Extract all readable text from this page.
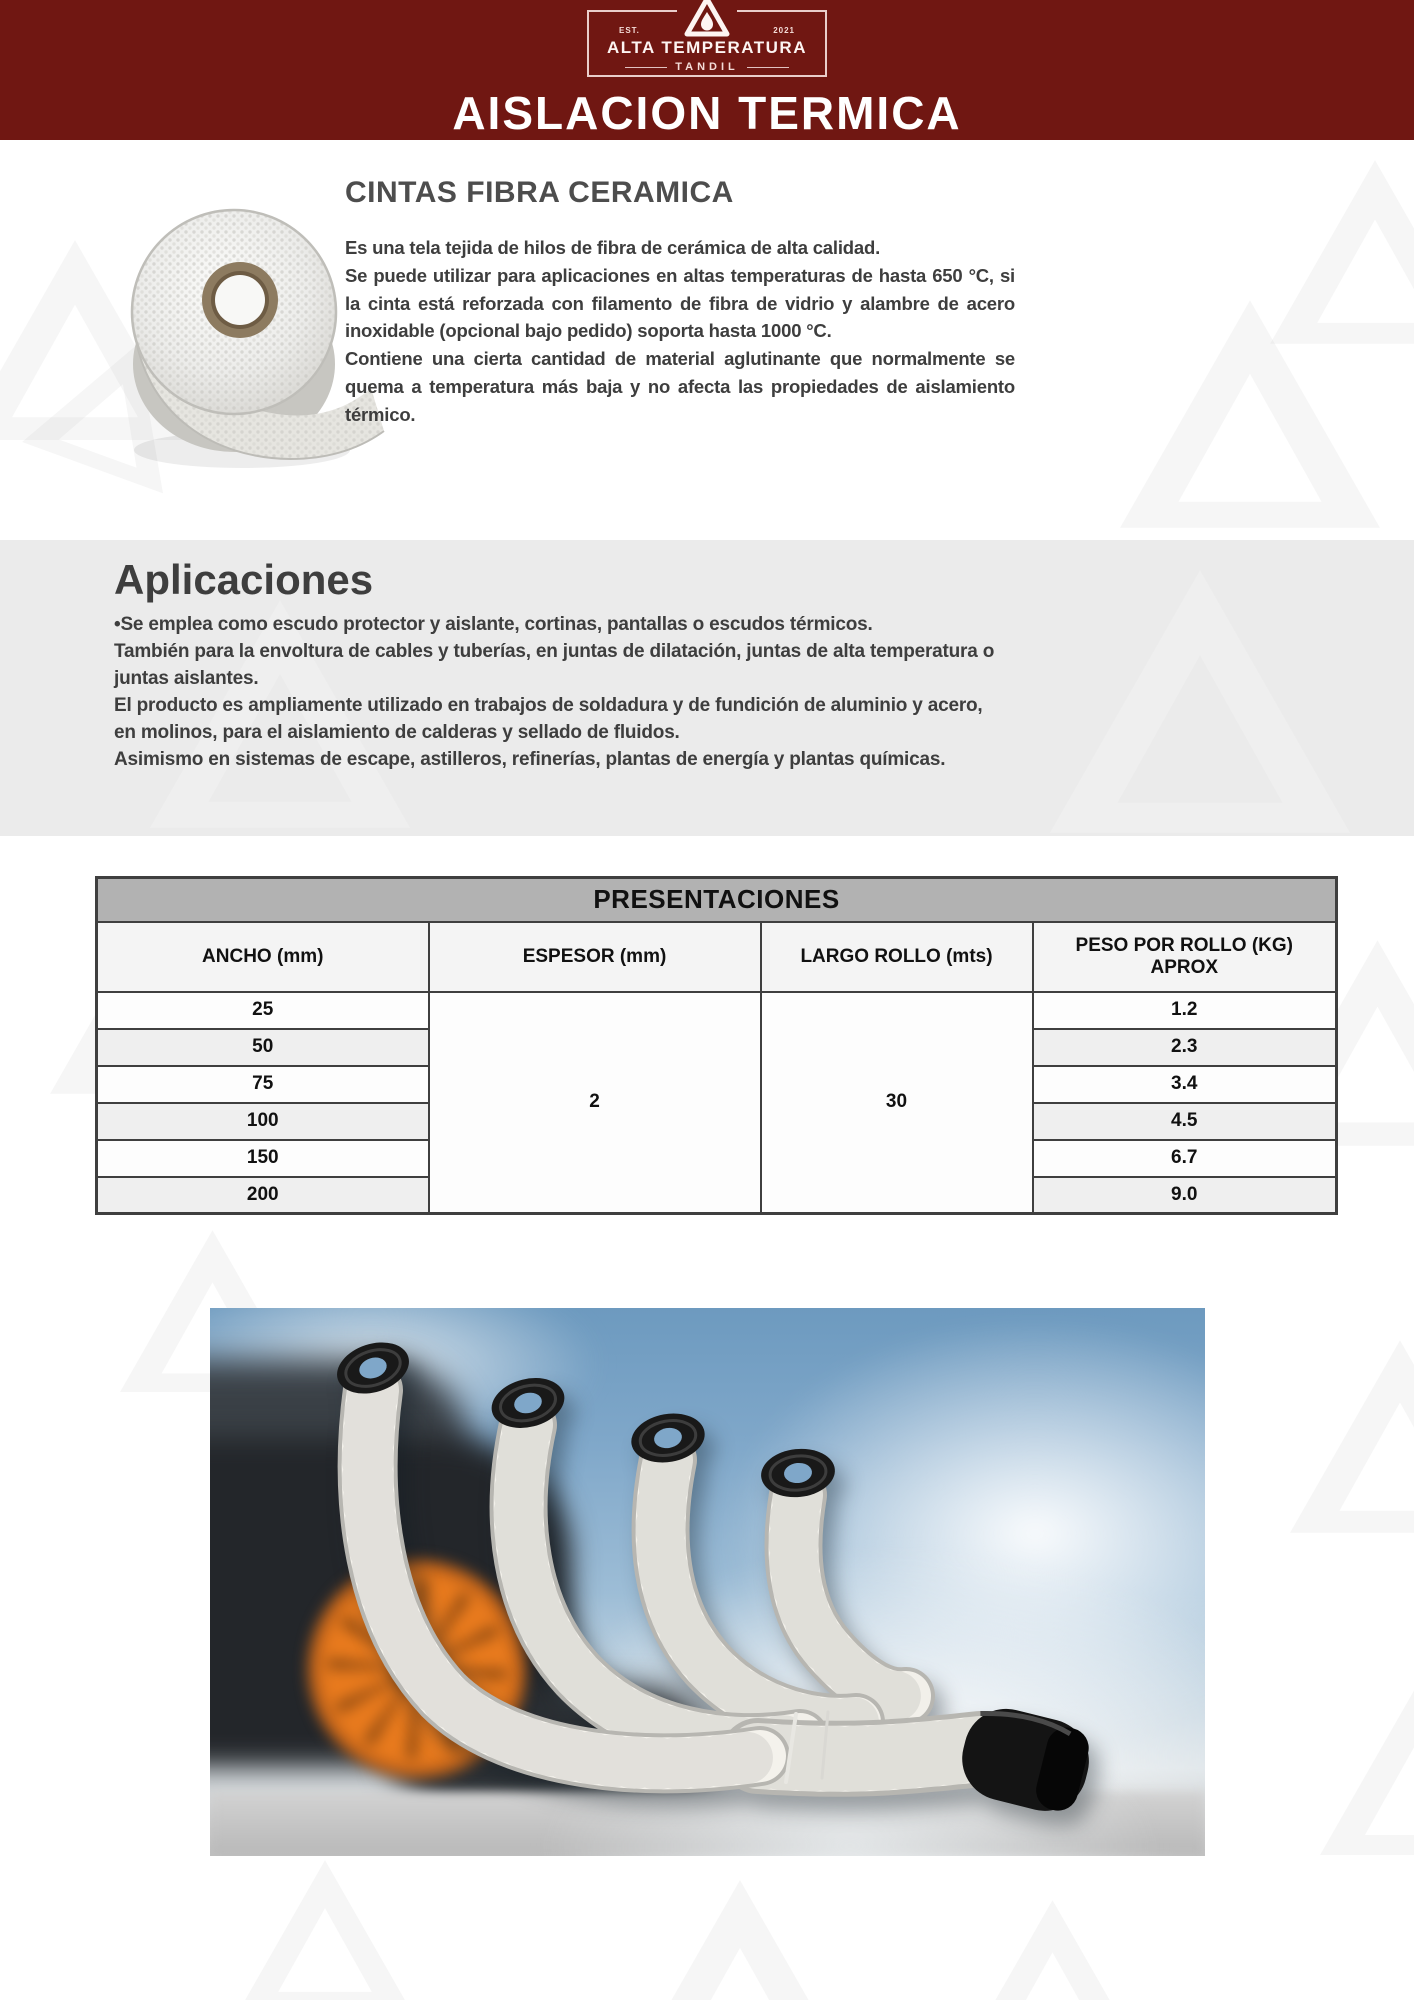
EST.	2021
ALTA TEMPERATURA
TANDIL
AISLACION TERMICA
CINTAS FIBRA CERAMICA

Es una tela tejida de hilos de fibra de cerámica de alta calidad.

Se puede utilizar para aplicaciones en altas temperaturas de hasta 650 °C, si la cinta está reforzada con filamento de fibra de vidrio y alambre de acero inoxidable (opcional bajo pedido) soporta hasta 1000 °C.

Contiene una cierta cantidad de material aglutinante que normalmente se quema a temperatura más baja y no afecta las propiedades de aislamiento térmico.

Aplicaciones

•Se emplea como escudo protector y aislante, cortinas, pantallas o escudos térmicos.

También para la envoltura de cables y tuberías, en juntas de dilatación, juntas de alta temperatura o juntas aislantes.

El producto es ampliamente utilizado en trabajos de soldadura y de fundición de aluminio y acero, en molinos, para el aislamiento de calderas y sellado de fluidos.

Asimismo en sistemas de escape, astilleros, refinerías, plantas de energía y plantas químicas.

PRESENTACIONES			
ANCHO (mm)	ESPESOR (mm)	LARGO ROLLO (mts)	PESO POR ROLLO (KG) APROX
25	2	30	1.2
50			2.3
75			3.4
100			4.5
150			6.7
200			9.0
